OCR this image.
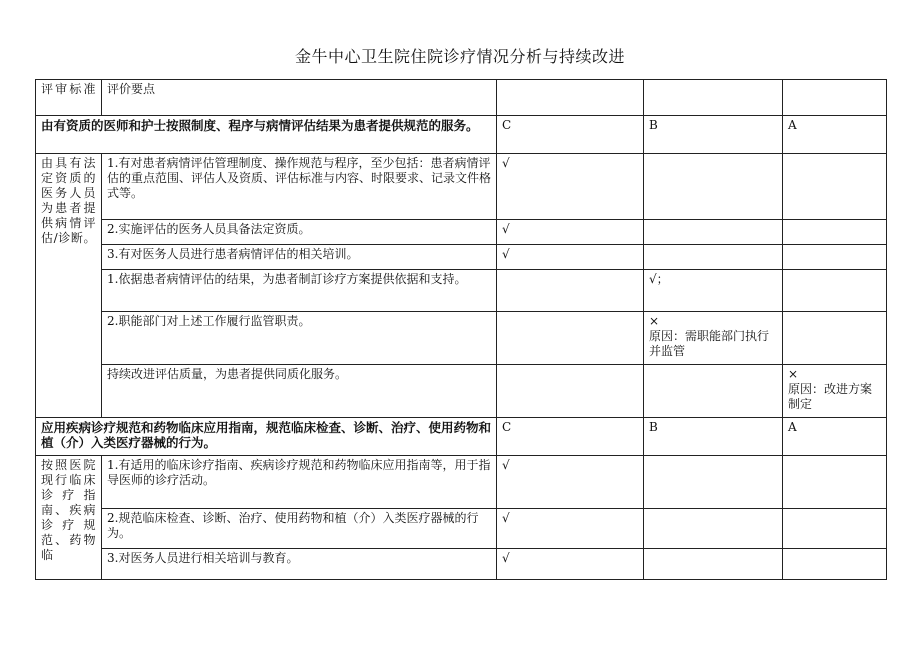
金牛中心卫生院住院诊疗情况分析与持续改进
评审标准	评价要点			
由有资质的医师和护士按照制度、程序与病情评估结果为患者提供规范的服务。		C	B	A
由具有法定资质的医务人员为患者提供病情评估/诊断。	1.有对患者病情评估管理制度、操作规范与程序，至少包括：患者病情评估的重点范围、评估人及资质、评估标准与内容、时限要求、记录文件格式等。	√		
	2.实施评估的医务人员具备法定资质。	√		
	3.有对医务人员进行患者病情评估的相关培训。	√		
	1.依据患者病情评估的结果，为患者制訂诊疗方案提供依据和支持。		√；	
	2.职能部门对上述工作履行监管职责。		×
原因：需职能部门执行并监管	
	持续改进评估质量，为患者提供同质化服务。			×
原因：改进方案制定
应用疾病诊疗规范和药物临床应用指南，规范临床检查、诊断、治疗、使用药物和植（介）入类医疗器械的行为。		C	B	A
按照医院现行临床诊疗指南、疾病诊疗规范、药物临	1.有适用的临床诊疗指南、疾病诊疗规范和药物临床应用指南等，用于指导医师的诊疗活动。	√		
	2.规范临床检查、诊断、治疗、使用药物和植（介）入类医疗器械的行为。	√		
	3.对医务人员进行相关培训与教育。	√		
